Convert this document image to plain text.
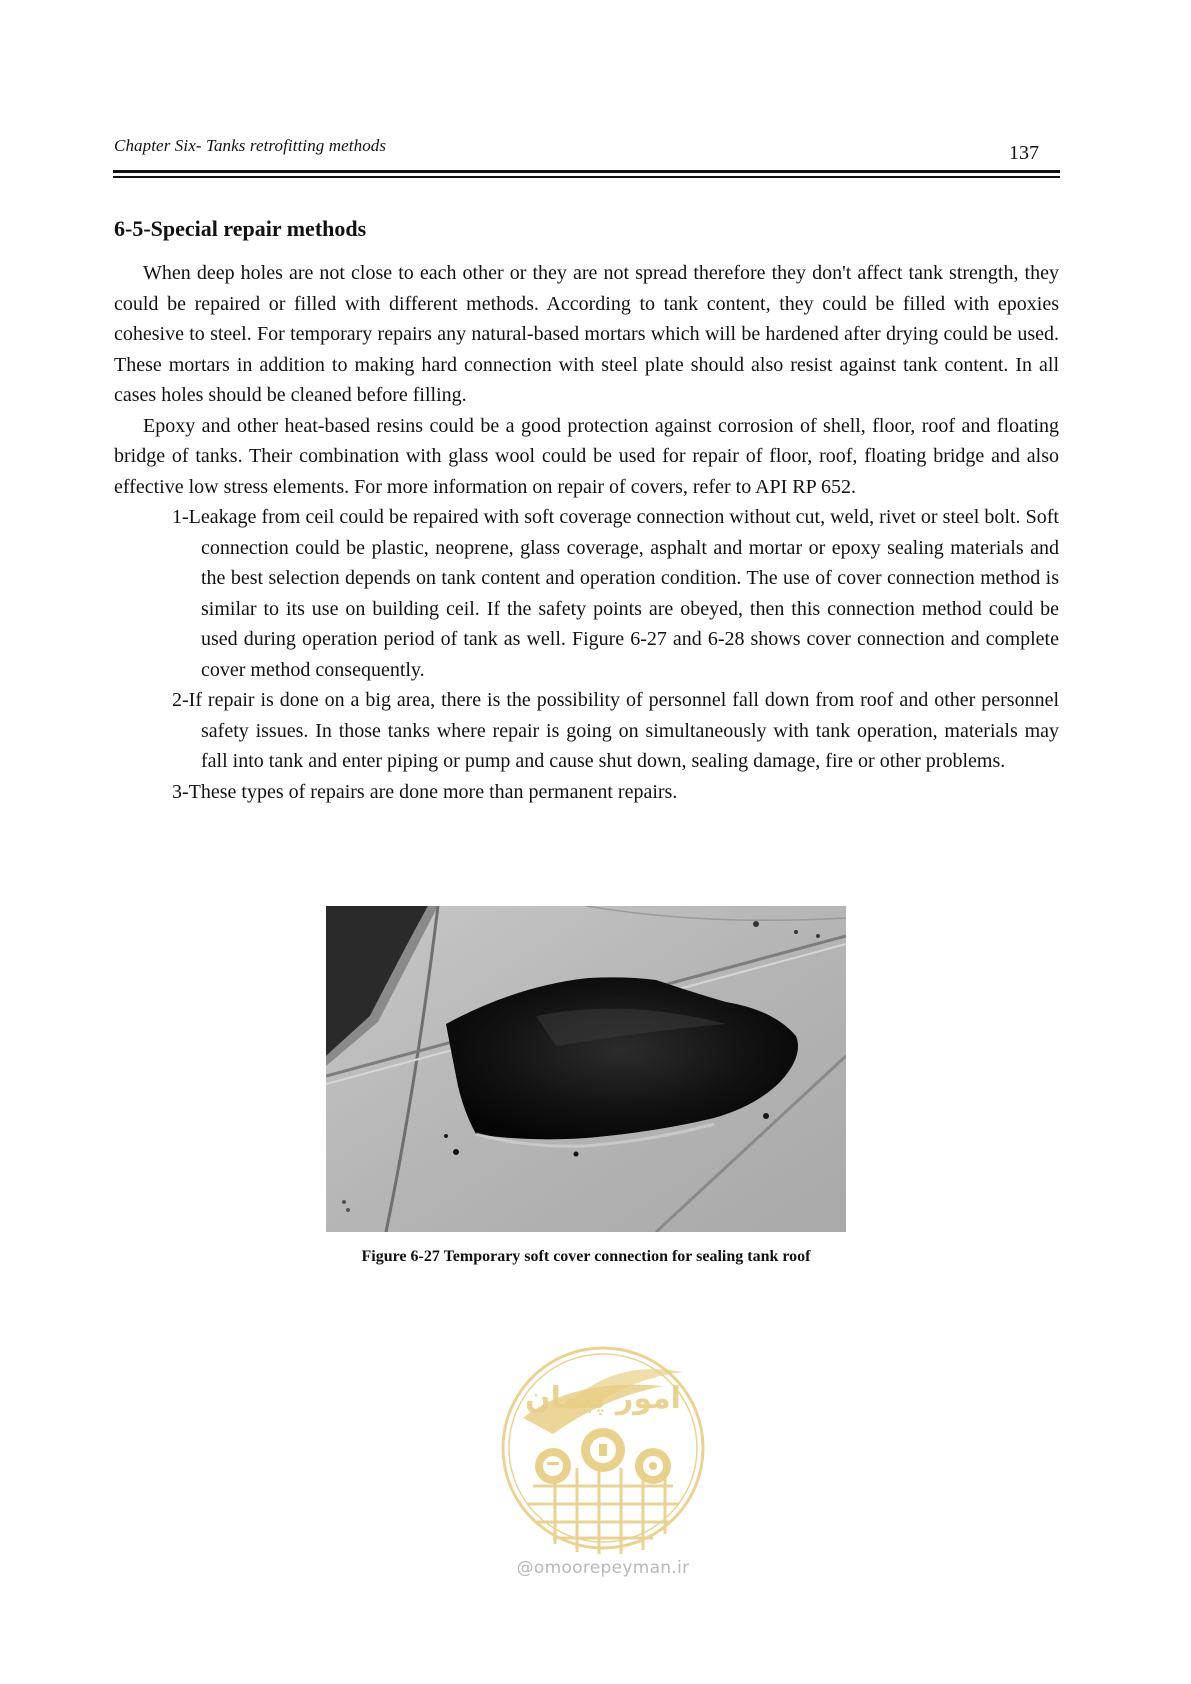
Chapter Six- Tanks retrofitting methods	137
6-5-Special repair methods

When deep holes are not close to each other or they are not spread therefore they don't affect tank strength, they could be repaired or filled with different methods. According to tank content, they could be filled with epoxies cohesive to steel. For temporary repairs any natural-based mortars which will be hardened after drying could be used. These mortars in addition to making hard connection with steel plate should also resist against tank content. In all cases holes should be cleaned before filling.

Epoxy and other heat-based resins could be a good protection against corrosion of shell, floor, roof and floating bridge of tanks. Their combination with glass wool could be used for repair of floor, roof, floating bridge and also effective low stress elements. For more information on repair of covers, refer to API RP 652.

1-Leakage from ceil could be repaired with soft coverage connection without cut, weld, rivet or steel bolt. Soft connection could be plastic, neoprene, glass coverage, asphalt and mortar or epoxy sealing materials and the best selection depends on tank content and operation condition. The use of cover connection method is similar to its use on building ceil. If the safety points are obeyed, then this connection method could be used during operation period of tank as well. Figure 6-27 and 6-28 shows cover connection and complete cover method consequently.
2-If repair is done on a big area, there is the possibility of personnel fall down from roof and other personnel safety issues. In those tanks where repair is going on simultaneously with tank operation, materials may fall into tank and enter piping or pump and cause shut down, sealing damage, fire or other problems.
3-These types of repairs are done more than permanent repairs.
Figure 6-27 Temporary soft cover connection for sealing tank roof
امور پیمان
@omoorepeyman.ir
